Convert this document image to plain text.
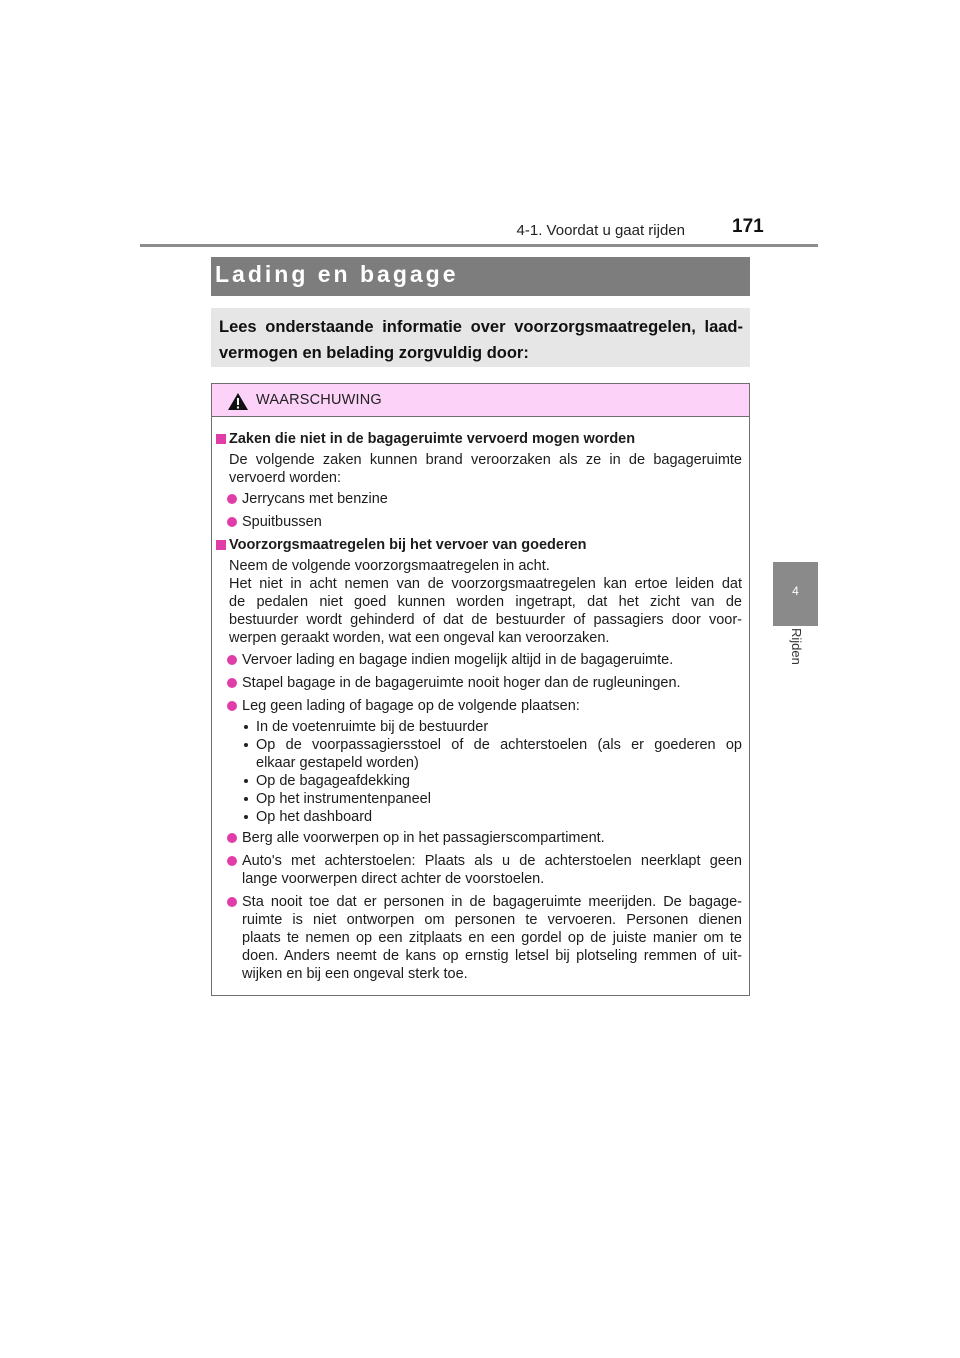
4-1. Voordat u gaat rijden 171
4
Rijden
Lading en bagage
Lees onderstaande informatie over voorzorgsmaatregelen, laad-
vermogen en belading zorgvuldig door:
WAARSCHUWING
Zaken die niet in de bagageruimte vervoerd mogen worden
De volgende zaken kunnen brand veroorzaken als ze in de bagageruimte
vervoerd worden:
Jerrycans met benzine
Spuitbussen
Voorzorgsmaatregelen bij het vervoer van goederen
Neem de volgende voorzorgsmaatregelen in acht.
Het niet in acht nemen van de voorzorgsmaatregelen kan ertoe leiden dat
de pedalen niet goed kunnen worden ingetrapt, dat het zicht van de
bestuurder wordt gehinderd of dat de bestuurder of passagiers door voor-
werpen geraakt worden, wat een ongeval kan veroorzaken.
Vervoer lading en bagage indien mogelijk altijd in de bagageruimte.
Stapel bagage in de bagageruimte nooit hoger dan de rugleuningen.
Leg geen lading of bagage op de volgende plaatsen:
In de voetenruimte bij de bestuurder
Op de voorpassagiersstoel of de achterstoelen (als er goederen op
elkaar gestapeld worden)
Op de bagageafdekking
Op het instrumentenpaneel
Op het dashboard
Berg alle voorwerpen op in het passagierscompartiment.
Auto's met achterstoelen: Plaats als u de achterstoelen neerklapt geen
lange voorwerpen direct achter de voorstoelen.
Sta nooit toe dat er personen in de bagageruimte meerijden. De bagage-
ruimte is niet ontworpen om personen te vervoeren. Personen dienen
plaats te nemen op een zitplaats en een gordel op de juiste manier om te
doen. Anders neemt de kans op ernstig letsel bij plotseling remmen of uit-
wijken en bij een ongeval sterk toe.
